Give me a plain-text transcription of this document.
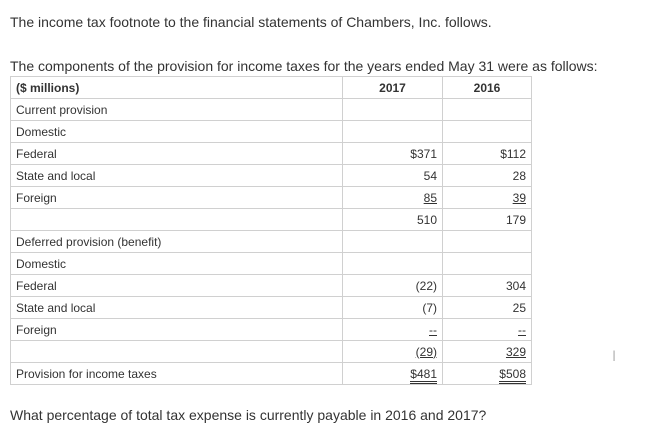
The income tax footnote to the financial statements of Chambers, Inc. follows.
The components of the provision for income taxes for the years ended May 31 were as follows:
($ millions)	2017	2016
Current provision		
Domestic		
Federal	$371	$112
State and local	54	28
Foreign	85	39
	510	179
Deferred provision (benefit)		
Domestic		
Federal	(22)	304
State and local	(7)	25
Foreign	--	--
	(29)	329
Provision for income taxes	$481	$508
I
What percentage of total tax expense is currently payable in 2016 and 2017?
